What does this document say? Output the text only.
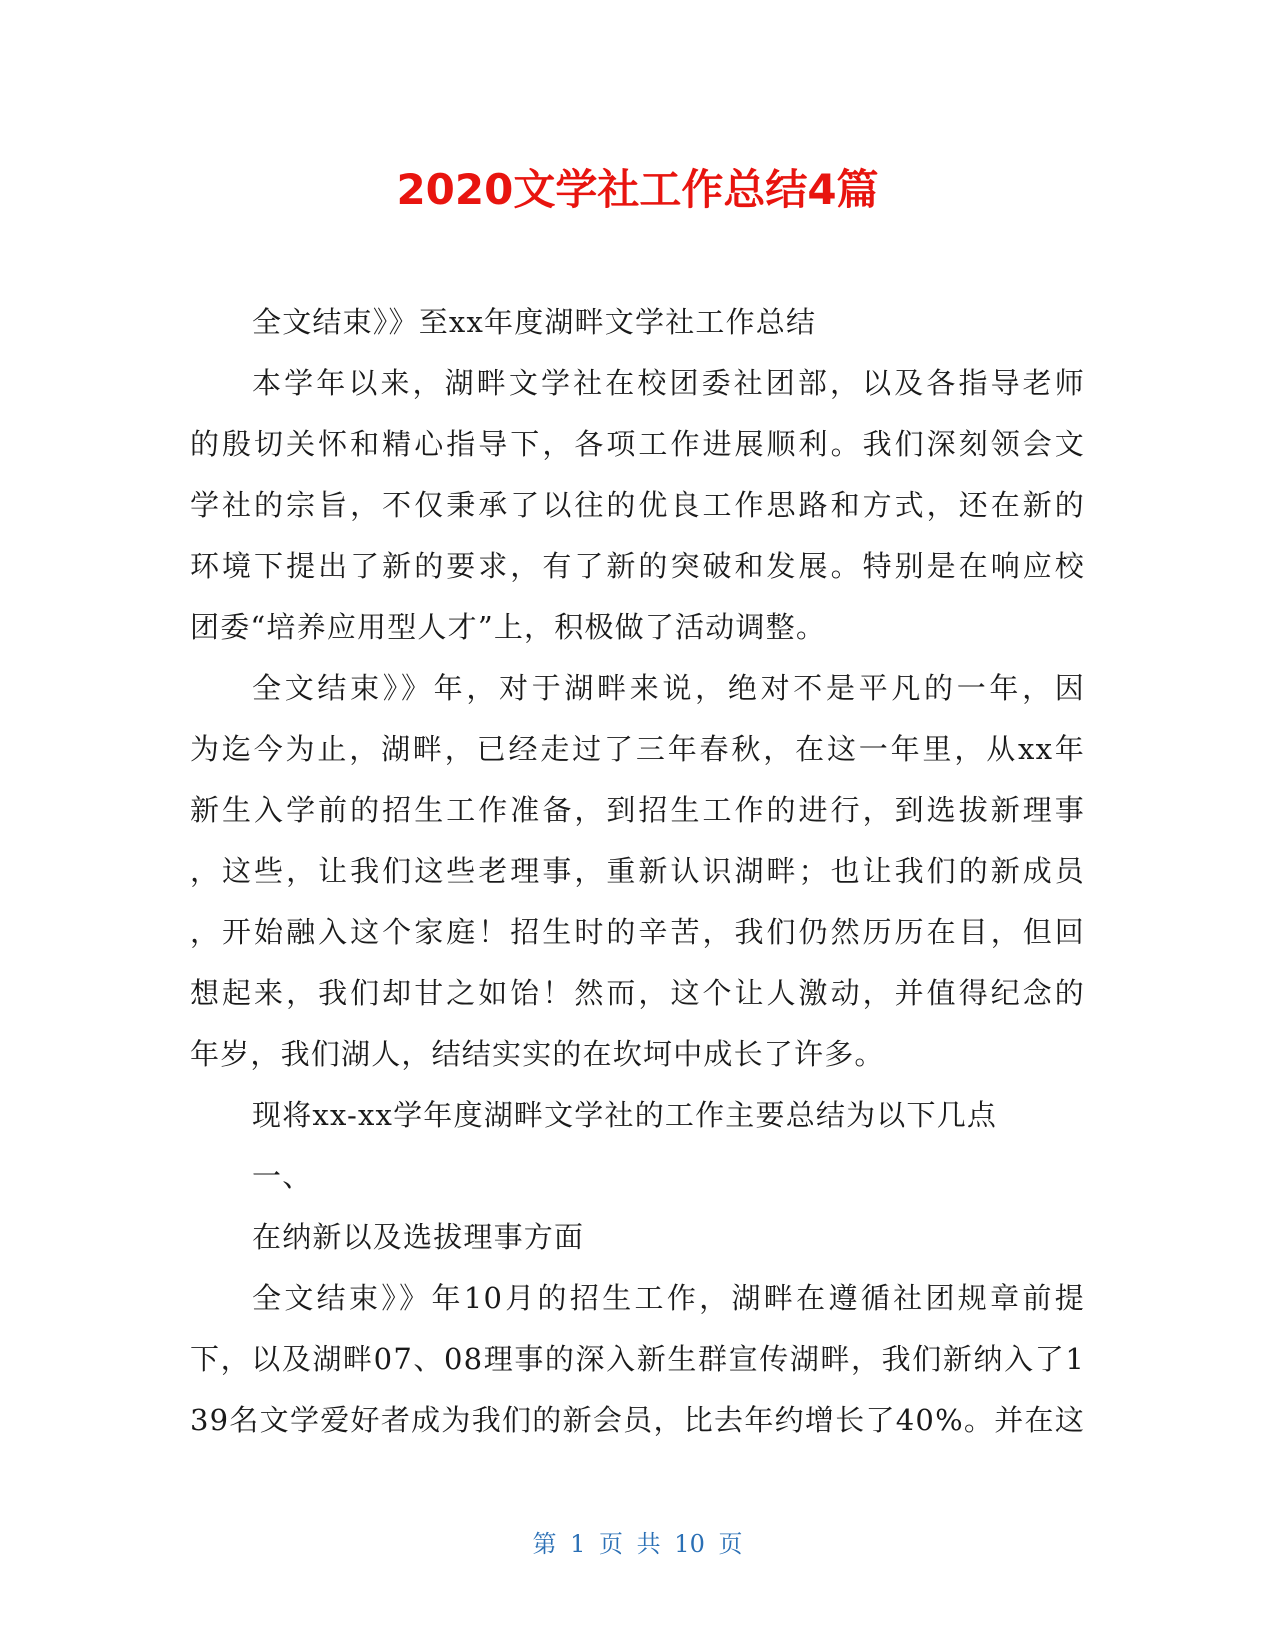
2020文学社工作总结4篇
全文结束》》至xx年度湖畔文学社工作总结
本学年以来，湖畔文学社在校团委社团部，以及各指导老师
的殷切关怀和精心指导下，各项工作进展顺利。我们深刻领会文
学社的宗旨，不仅秉承了以往的优良工作思路和方式，还在新的
环境下提出了新的要求，有了新的突破和发展。特别是在响应校
团委“培养应用型人才”上，积极做了活动调整。
全文结束》》年，对于湖畔来说，绝对不是平凡的一年，因
为迄今为止，湖畔，已经走过了三年春秋，在这一年里，从xx年
新生入学前的招生工作准备，到招生工作的进行，到选拔新理事
，这些，让我们这些老理事，重新认识湖畔；也让我们的新成员
，开始融入这个家庭！招生时的辛苦，我们仍然历历在目，但回
想起来，我们却甘之如饴！然而，这个让人激动，并值得纪念的
年岁，我们湖人，结结实实的在坎坷中成长了许多。
现将xx-xx学年度湖畔文学社的工作主要总结为以下几点
一、
在纳新以及选拔理事方面
全文结束》》年10月的招生工作，湖畔在遵循社团规章前提
下，以及湖畔07、08理事的深入新生群宣传湖畔，我们新纳入了1
39名文学爱好者成为我们的新会员，比去年约增长了40%。并在这
第 1 页 共 10 页
